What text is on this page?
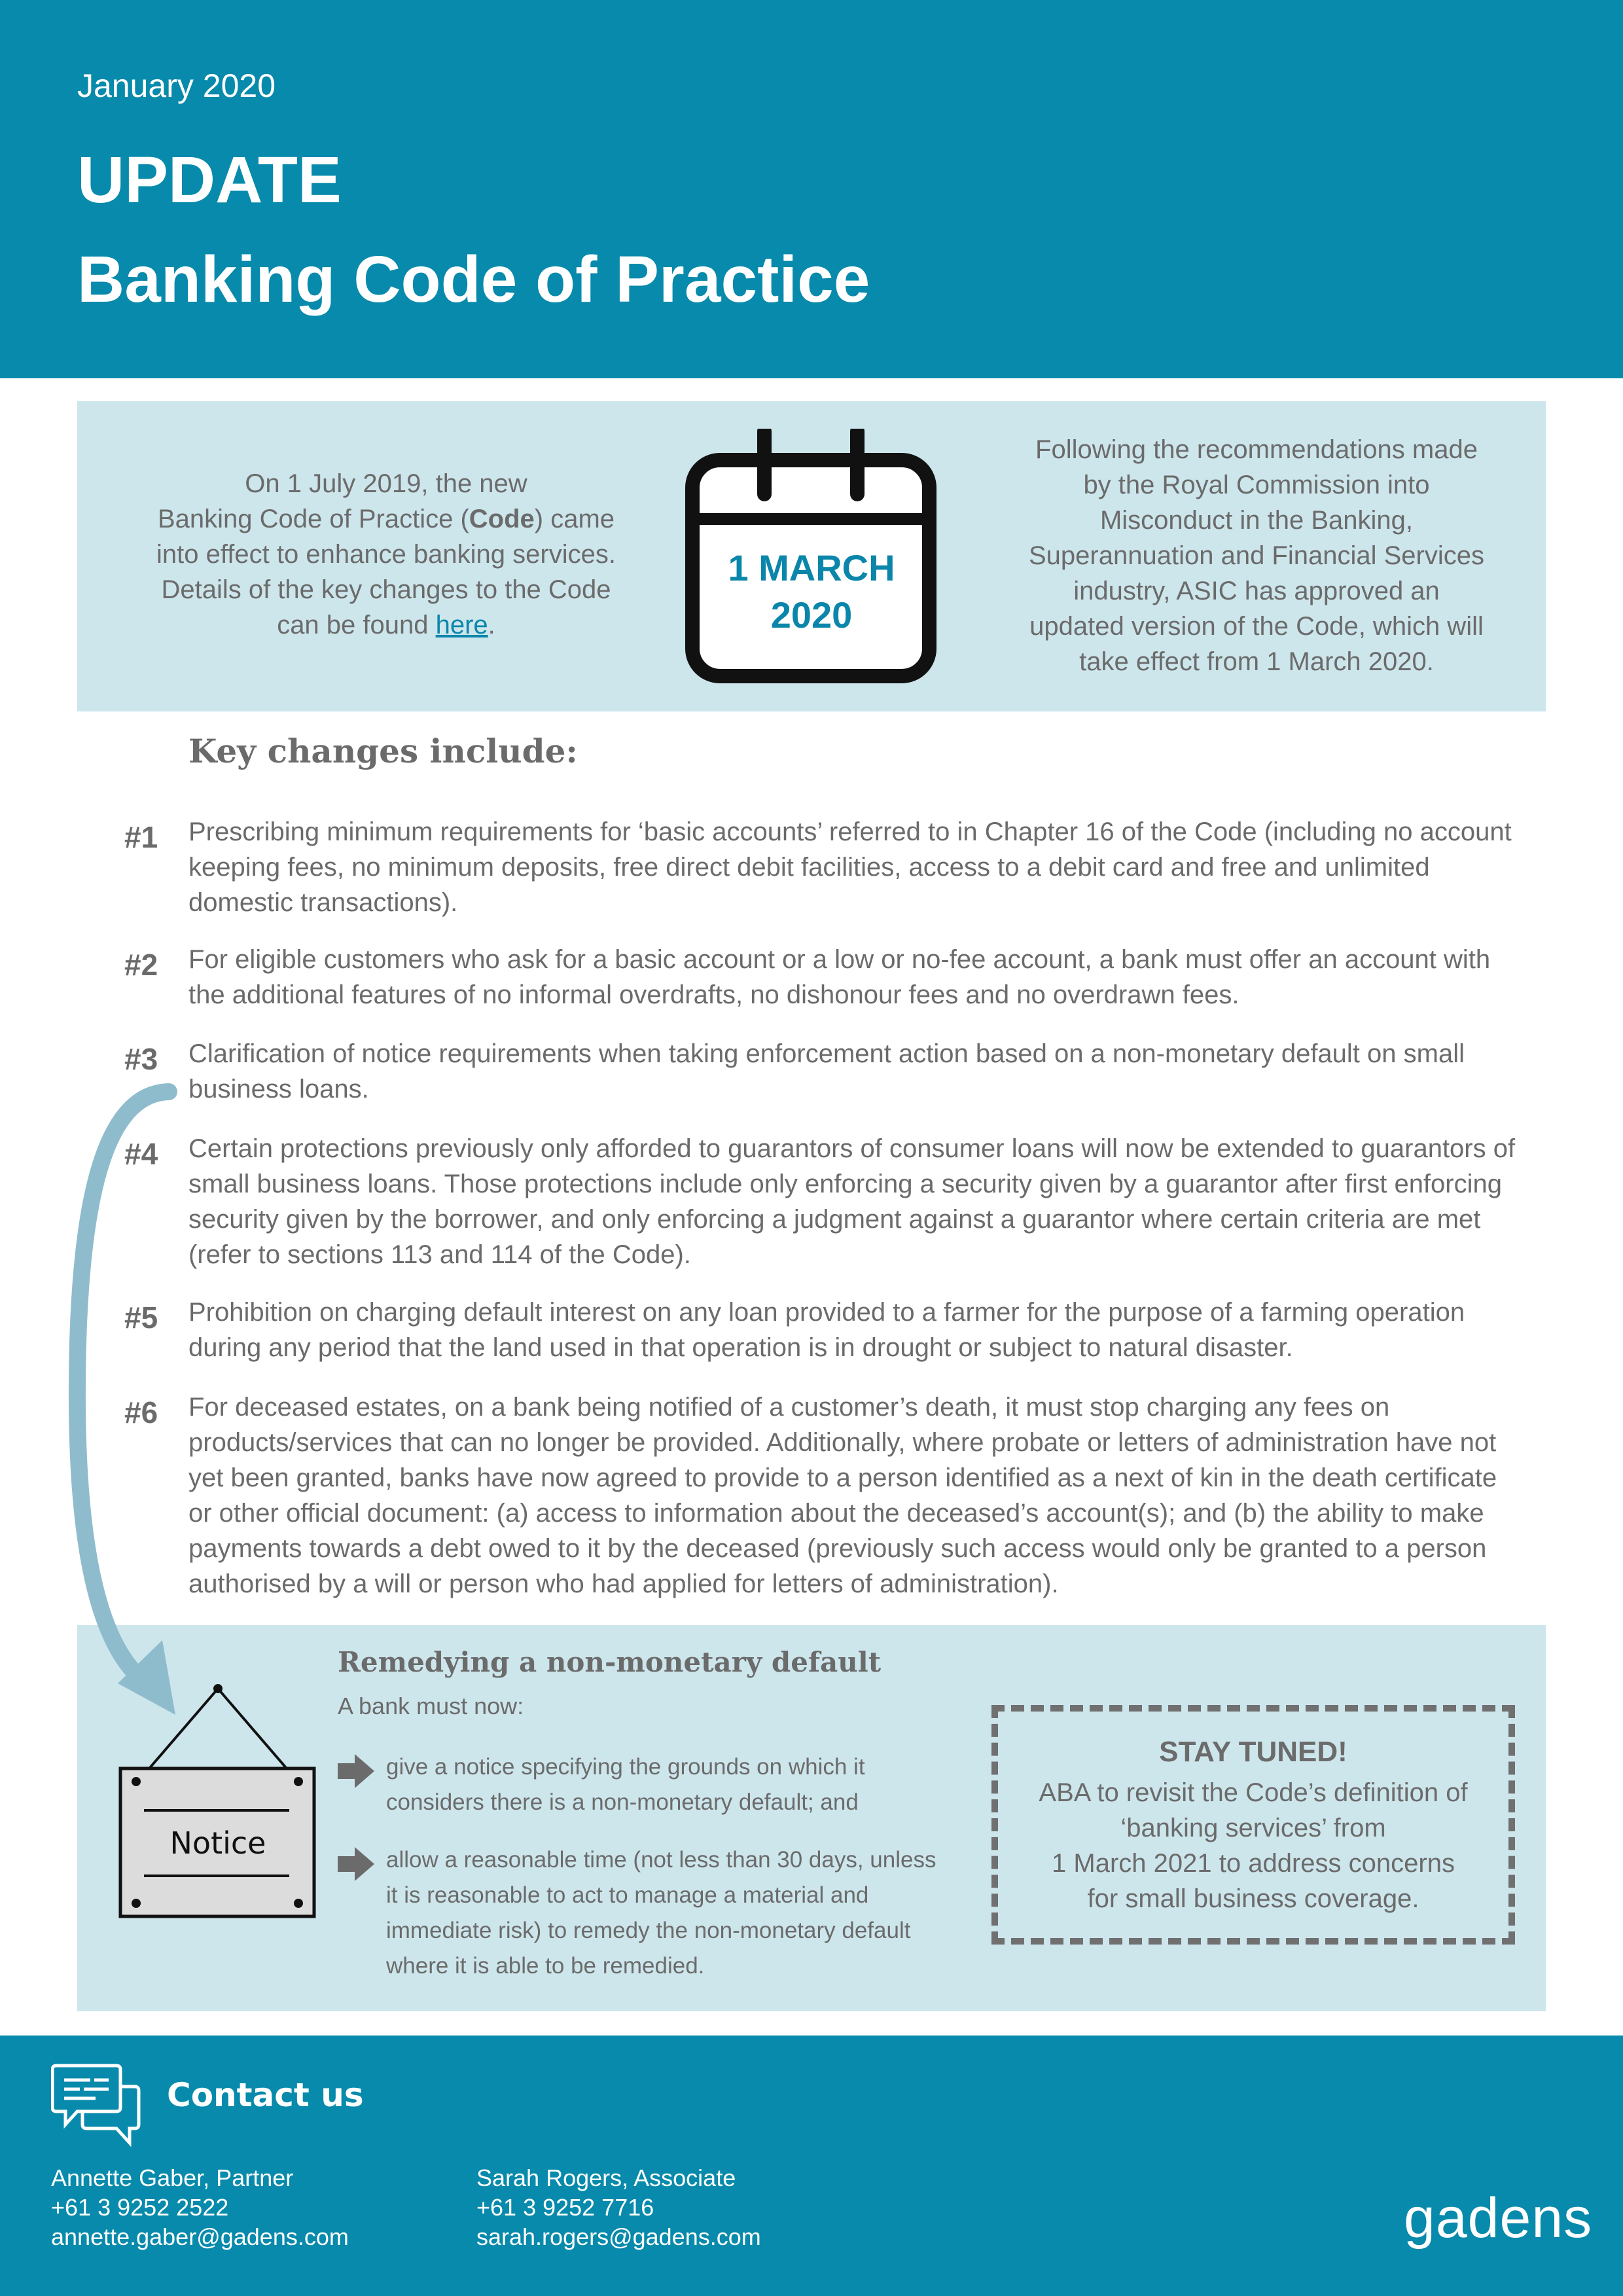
January 2020
UPDATE
Banking Code of Practice
On 1 July 2019, the new
Banking Code of Practice (Code) came
into effect to enhance banking services.
Details of the key changes to the Code
can be found here.
1 MARCH
2020
Following the recommendations made
by the Royal Commission into
Misconduct in the Banking,
Superannuation and Financial Services
industry, ASIC has approved an
updated version of the Code, which will
take effect from 1 March 2020.
Key changes include:
#1 Prescribing minimum requirements for ‘basic accounts’ referred to in Chapter 16 of the Code (including no account keeping fees, no minimum deposits, free direct debit facilities, access to a debit card and free and unlimited domestic transactions).
#2 For eligible customers who ask for a basic account or a low or no-fee account, a bank must offer an account with the additional features of no informal overdrafts, no dishonour fees and no overdrawn fees.
#3 Clarification of notice requirements when taking enforcement action based on a non-monetary default on small business loans.
#4 Certain protections previously only afforded to guarantors of consumer loans will now be extended to guarantors of small business loans. Those protections include only enforcing a security given by a guarantor after first enforcing security given by the borrower, and only enforcing a judgment against a guarantor where certain criteria are met (refer to sections 113 and 114 of the Code).
#5 Prohibition on charging default interest on any loan provided to a farmer for the purpose of a farming operation during any period that the land used in that operation is in drought or subject to natural disaster.
#6 For deceased estates, on a bank being notified of a customer’s death, it must stop charging any fees on products/services that can no longer be provided. Additionally, where probate or letters of administration have not yet been granted, banks have now agreed to provide to a person identified as a next of kin in the death certificate or other official document: (a) access to information about the deceased’s account(s); and (b) the ability to make payments towards a debt owed to it by the deceased (previously such access would only be granted to a person authorised by a will or person who had applied for letters of administration).
Remedying a non-monetary default
A bank must now:
give a notice specifying the grounds on which it considers there is a non-monetary default; and
allow a reasonable time (not less than 30 days, unless it is reasonable to act to manage a material and immediate risk) to remedy the non-monetary default where it is able to be remedied.
Notice
STAY TUNED!
ABA to revisit the Code’s definition of
‘banking services’ from
1 March 2021 to address concerns
for small business coverage.
Contact us
Annette Gaber, Partner
+61 3 9252 2522
annette.gaber@gadens.com
Sarah Rogers, Associate
+61 3 9252 7716
sarah.rogers@gadens.com	gadens
